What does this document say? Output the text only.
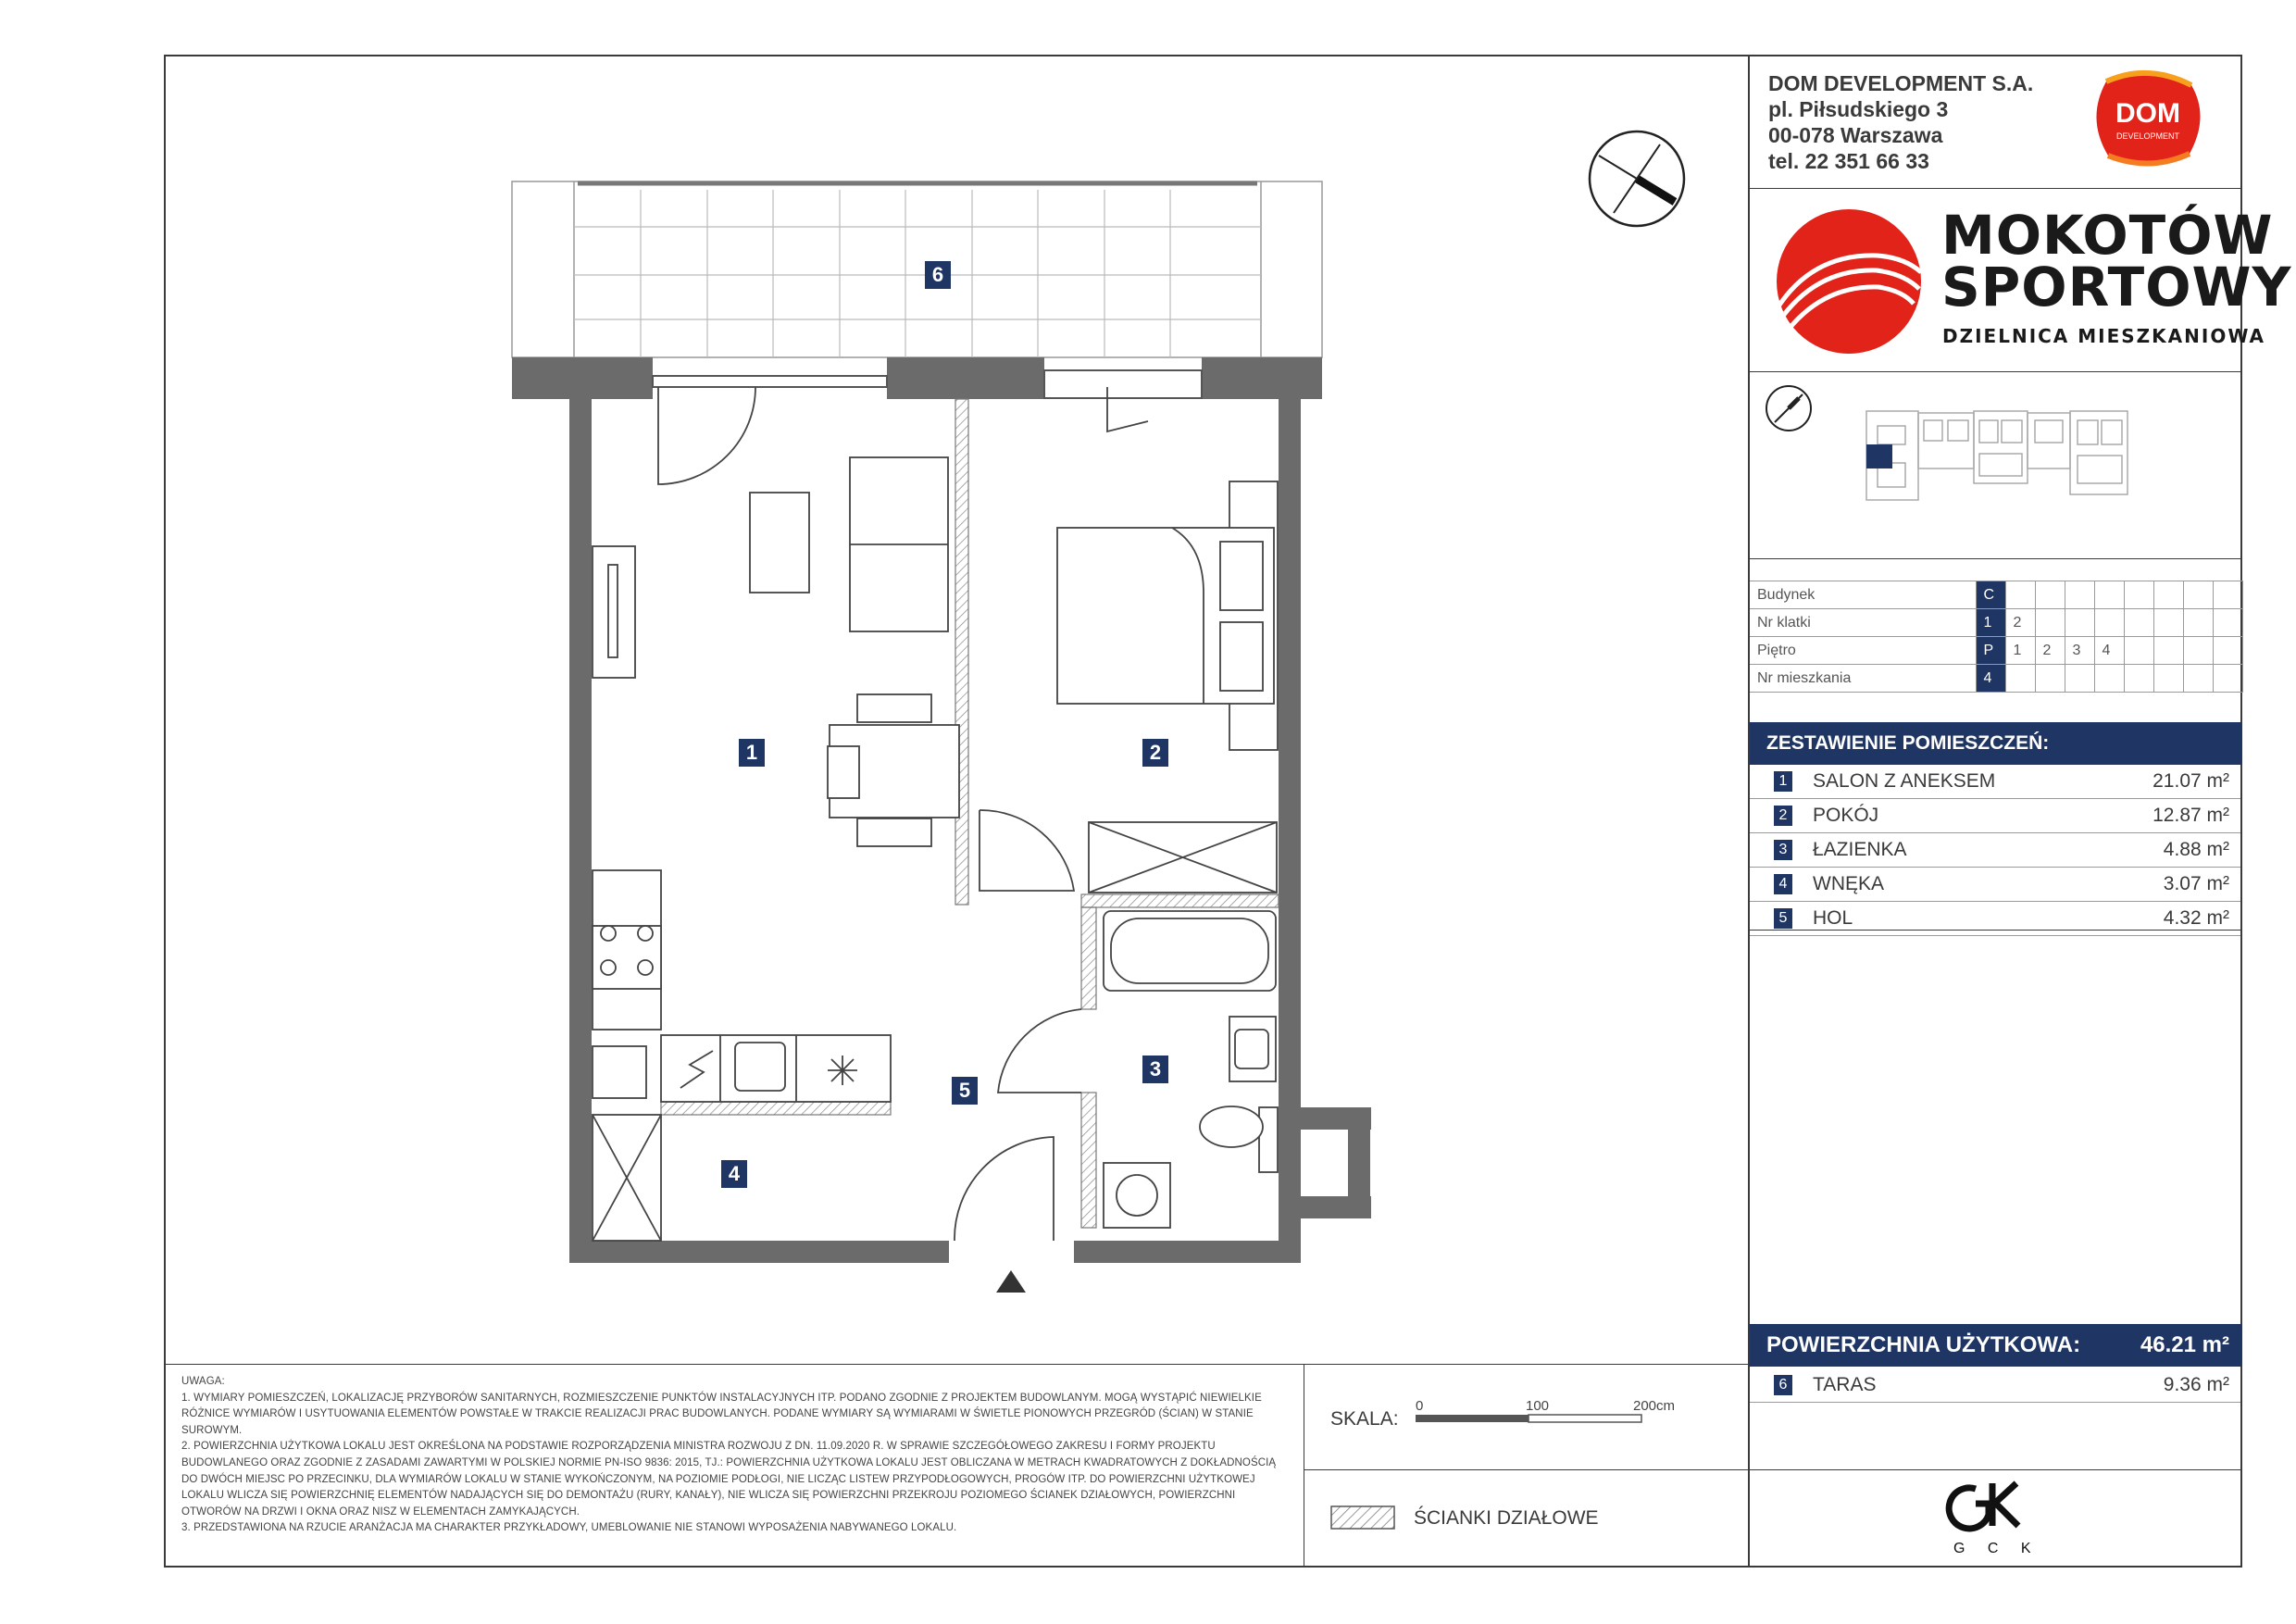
DOM DEVELOPMENT S.A.
pl. Piłsudskiego 3
00-078 Warszawa
tel. 22 351 66 33
DOM
DEVELOPMENT
MOKOTÓW
SPORTOWY
DZIELNICA MIESZKANIOWA
Budynek	C								
Nr klatki	1	2							
Piętro	P	1	2	3	4				
Nr mieszkania	4								
ZESTAWIENIE POMIESZCZEŃ:
1 SALON Z ANEKSEM	21.07 m²
2 POKÓJ	12.87 m²
3 ŁAZIENKA	4.88 m²
4 WNĘKA	3.07 m²
5 HOL	4.32 m²
POWIERZCHNIA UŻYTKOWA:	46.21 m²
6 TARAS	9.36 m²
G C K
UWAGA:
1. WYMIARY POMIESZCZEŃ, LOKALIZACJĘ PRZYBORÓW SANITARNYCH, ROZMIESZCZENIE PUNKTÓW INSTALACYJNYCH ITP. PODANO ZGODNIE Z PROJEKTEM BUDOWLANYM. MOGĄ WYSTĄPIĆ NIEWIELKIE RÓŻNICE WYMIARÓW I USYTUOWANIA ELEMENTÓW POWSTAŁE W TRAKCIE REALIZACJI PRAC BUDOWLANYCH. PODANE WYMIARY SĄ WYMIARAMI W ŚWIETLE PIONOWYCH PRZEGRÓD (ŚCIAN) W STANIE SUROWYM.
2. POWIERZCHNIA UŻYTKOWA LOKALU JEST OKREŚLONA NA PODSTAWIE ROZPORZĄDZENIA MINISTRA ROZWOJU Z DN. 11.09.2020 R. W SPRAWIE SZCZEGÓŁOWEGO ZAKRESU I FORMY PROJEKTU BUDOWLANEGO ORAZ ZGODNIE Z ZASADAMI ZAWARTYMI W POLSKIEJ NORMIE PN-ISO 9836: 2015, TJ.: POWIERZCHNIA UŻYTKOWA LOKALU JEST OBLICZANA W METRACH KWADRATOWYCH Z DOKŁADNOŚCIĄ DO DWÓCH MIEJSC PO PRZECINKU, DLA WYMIARÓW LOKALU W STANIE WYKOŃCZONYM, NA POZIOMIE PODŁOGI, NIE LICZĄC LISTEW PRZYPODŁOGOWYCH, PROGÓW ITP. DO POWIERZCHNI UŻYTKOWEJ LOKALU WLICZA SIĘ POWIERZCHNIĘ ELEMENTÓW NADAJĄCYCH SIĘ DO DEMONTAŻU (RURY, KANAŁY), NIE WLICZA SIĘ POWIERZCHNI PRZEKROJU POZIOMEGO ŚCIANEK DZIAŁOWYCH, POWIERZCHNI OTWORÓW NA DRZWI I OKNA ORAZ NISZ W ELEMENTACH ZAMYKAJĄCYCH.
3. PRZEDSTAWIONA NA RZUCIE ARANŻACJA MA CHARAKTER PRZYKŁADOWY, UMEBLOWANIE NIE STANOWI WYPOSAŻENIA NABYWANEGO LOKALU.
SKALA:
0	100	200cm
ŚCIANKI DZIAŁOWE
1	2
3
4
5
6
